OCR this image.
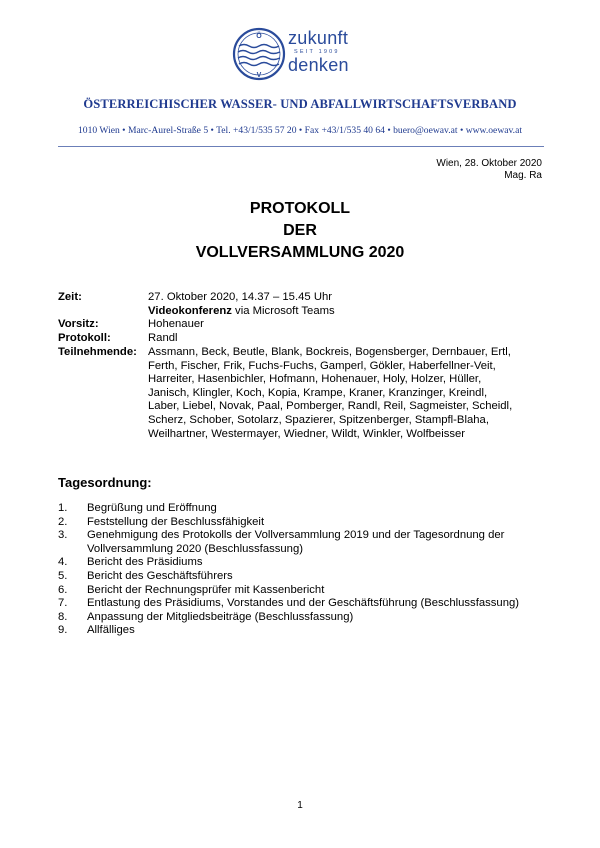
Ö
V
zukunft
SEIT 1909
denken
ÖSTERREICHISCHER WASSER- UND ABFALLWIRTSCHAFTSVERBAND
1010 Wien • Marc-Aurel-Straße 5 • Tel. +43/1/535 57 20 • Fax +43/1/535 40 64 • buero@oewav.at • www.oewav.at
Wien, 28. Oktober 2020
Mag. Ra
PROTOKOLL
DER
VOLLVERSAMMLUNG 2020
Zeit:	27. Oktober 2020, 14.37 – 15.45 Uhr
Videokonferenz via Microsoft Teams
Vorsitz:	Hohenauer
Protokoll:	Randl
Teilnehmende: Assmann, Beck, Beutle, Blank, Bockreis, Bogensberger, Dernbauer, Ertl,
Ferth, Fischer, Frik, Fuchs-Fuchs, Gamperl, Gökler, Haberfellner-Veit,
Harreiter, Hasenbichler, Hofmann, Hohenauer, Holy, Holzer, Hüller,
Janisch, Klingler, Koch, Kopia, Krampe, Kraner, Kranzinger, Kreindl,
Laber, Liebel, Novak, Paal, Pomberger, Randl, Reil, Sagmeister, Scheidl,
Scherz, Schober, Sotolarz, Spazierer, Spitzenberger, Stampfl-Blaha,
Weilhartner, Westermayer, Wiedner, Wildt, Winkler, Wolfbeisser
Tagesordnung:
1. Begrüßung und Eröffnung
2. Feststellung der Beschlussfähigkeit
3. Genehmigung des Protokolls der Vollversammlung 2019 und der Tagesordnung der Vollversammlung 2020 (Beschlussfassung)
4. Bericht des Präsidiums
5. Bericht des Geschäftsführers
6. Bericht der Rechnungsprüfer mit Kassenbericht
7. Entlastung des Präsidiums, Vorstandes und der Geschäftsführung (Beschlussfassung)
8. Anpassung der Mitgliedsbeiträge (Beschlussfassung)
9. Allfälliges
1
